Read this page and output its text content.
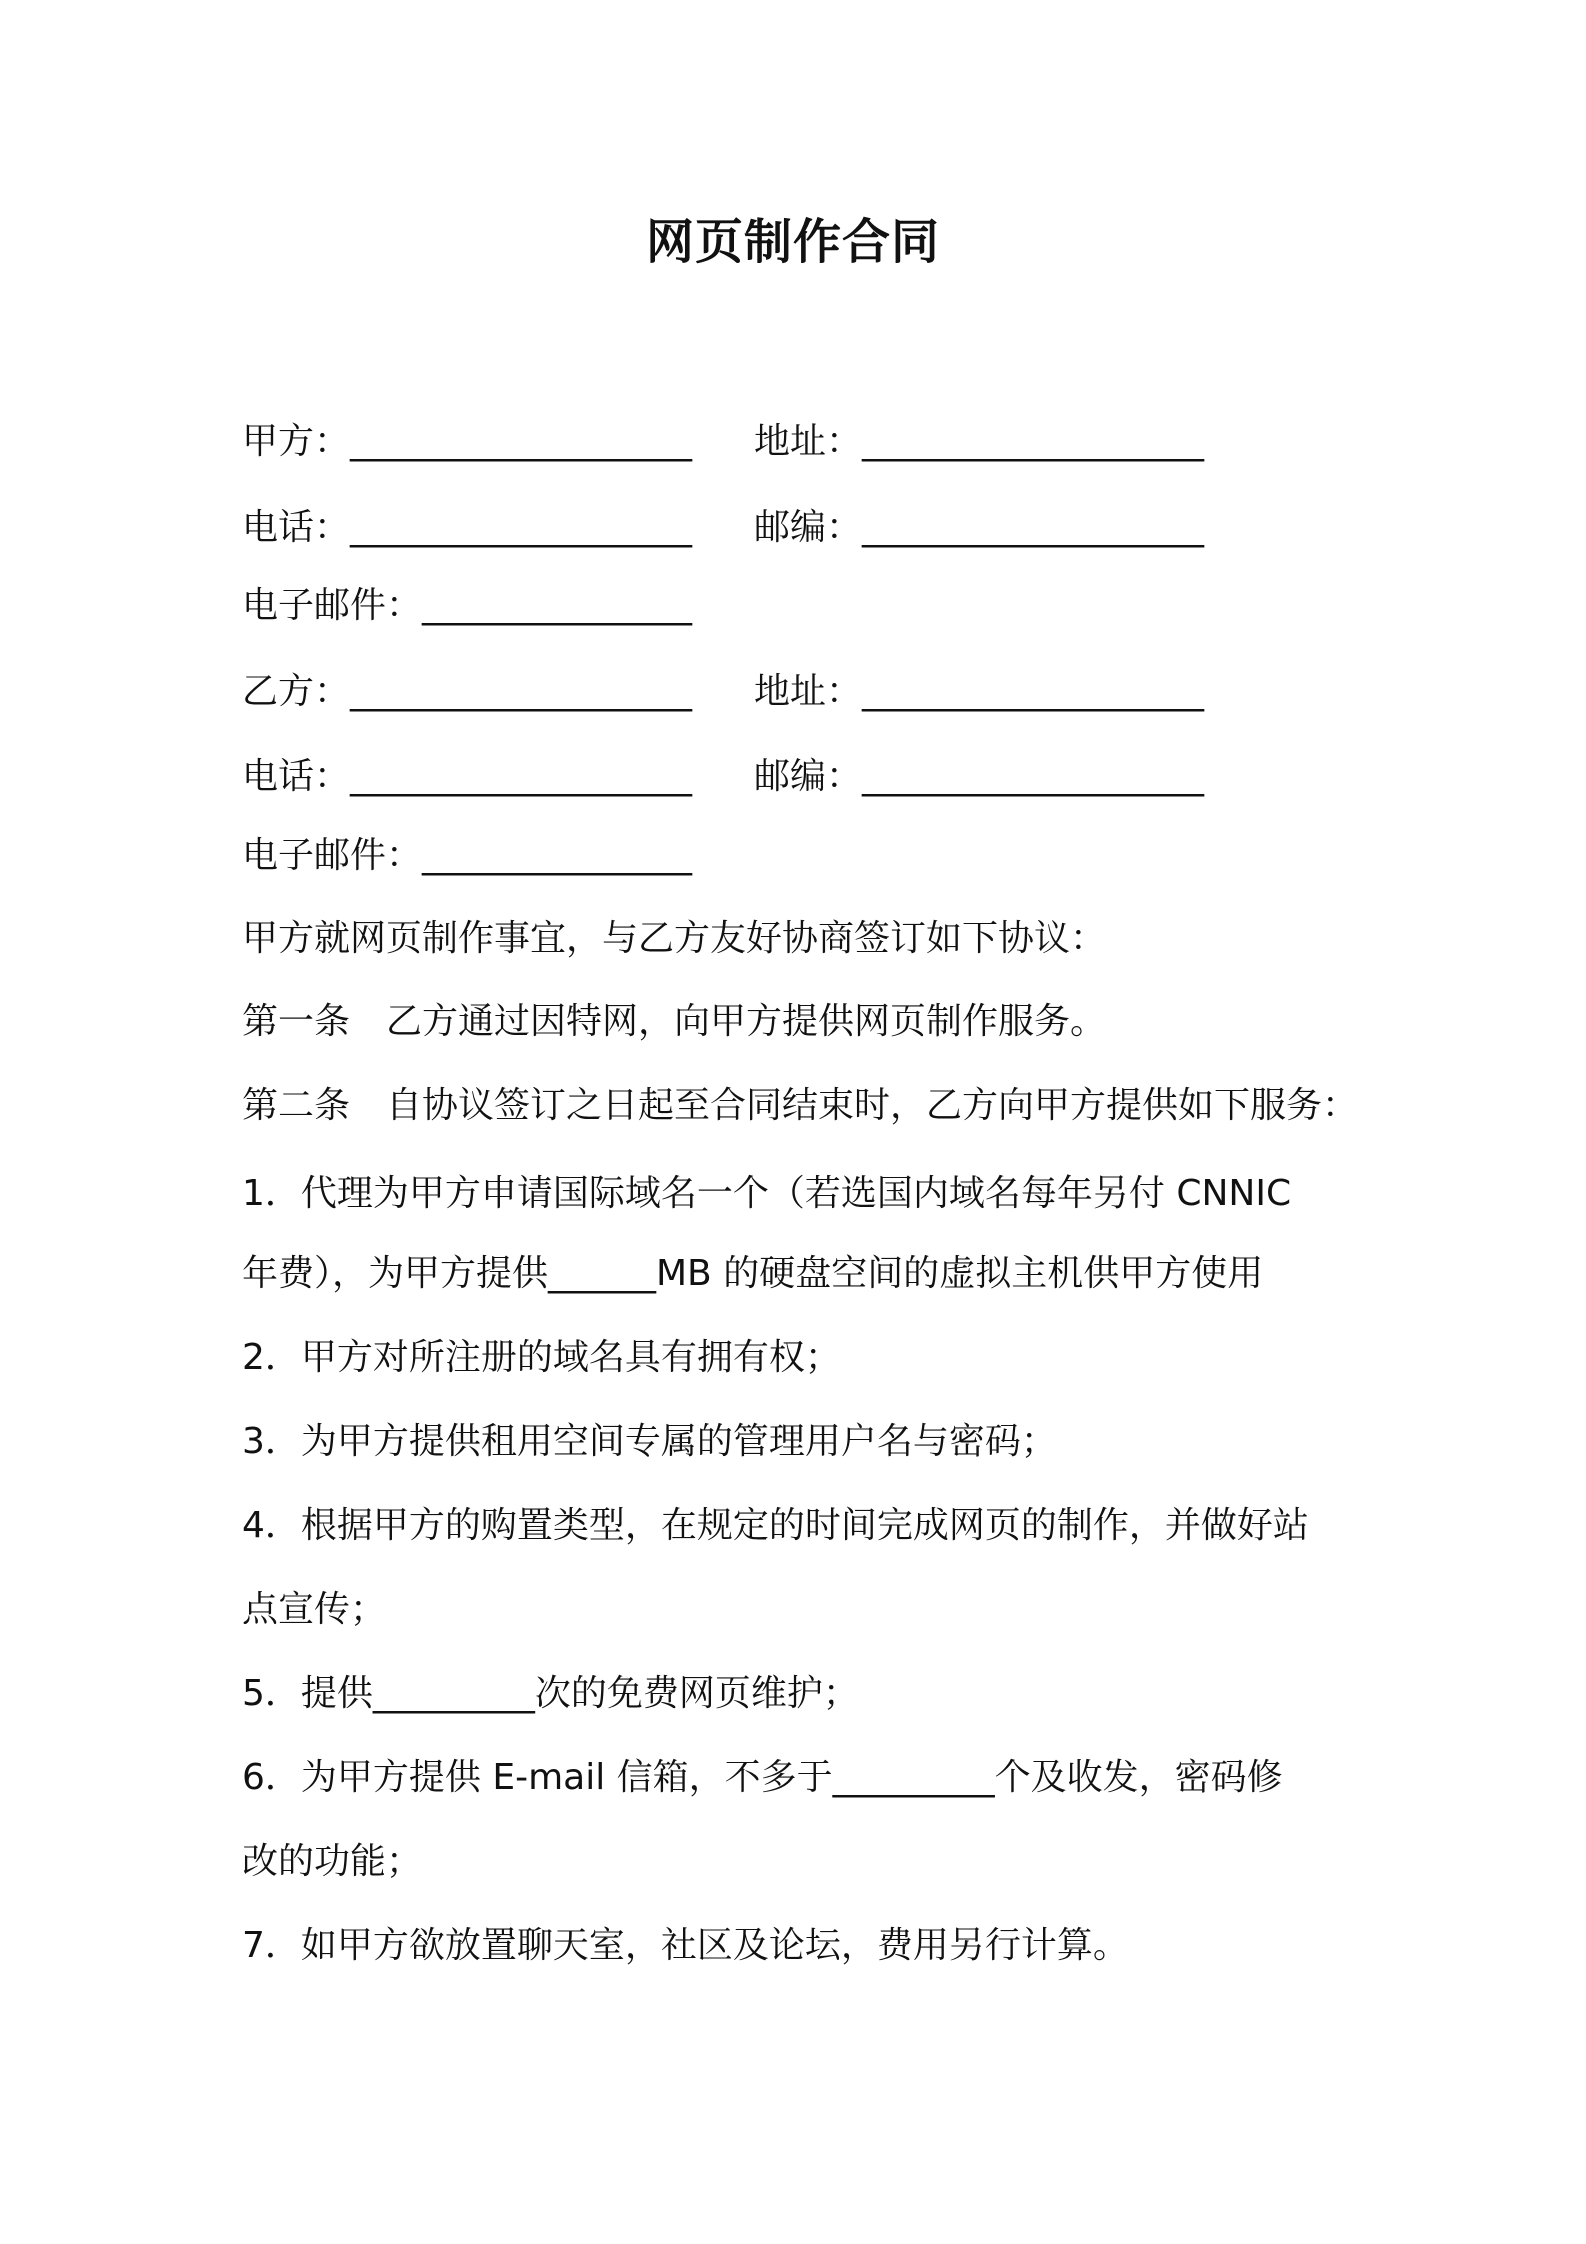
网页制作合同
甲方：___________________ 地址：___________________
电话：___________________ 邮编：___________________
电子邮件：_______________
乙方：___________________ 地址：___________________
电话：___________________ 邮编：___________________
电子邮件：_______________
甲方就网页制作事宜，与乙方友好协商签订如下协议：
第一条　乙方通过因特网，向甲方提供网页制作服务。
第二条　自协议签订之日起至合同结束时，乙方向甲方提供如下服务：
1．代理为甲方申请国际域名一个（若选国内域名每年另付 CNNIC
年费），为甲方提供______MB 的硬盘空间的虚拟主机供甲方使用
2．甲方对所注册的域名具有拥有权；
3．为甲方提供租用空间专属的管理用户名与密码；
4．根据甲方的购置类型，在规定的时间完成网页的制作，并做好站
点宣传；
5．提供_________次的免费网页维护；
6．为甲方提供 E-mail 信箱，不多于_________个及收发，密码修
改的功能；
7．如甲方欲放置聊天室，社区及论坛，费用另行计算。
